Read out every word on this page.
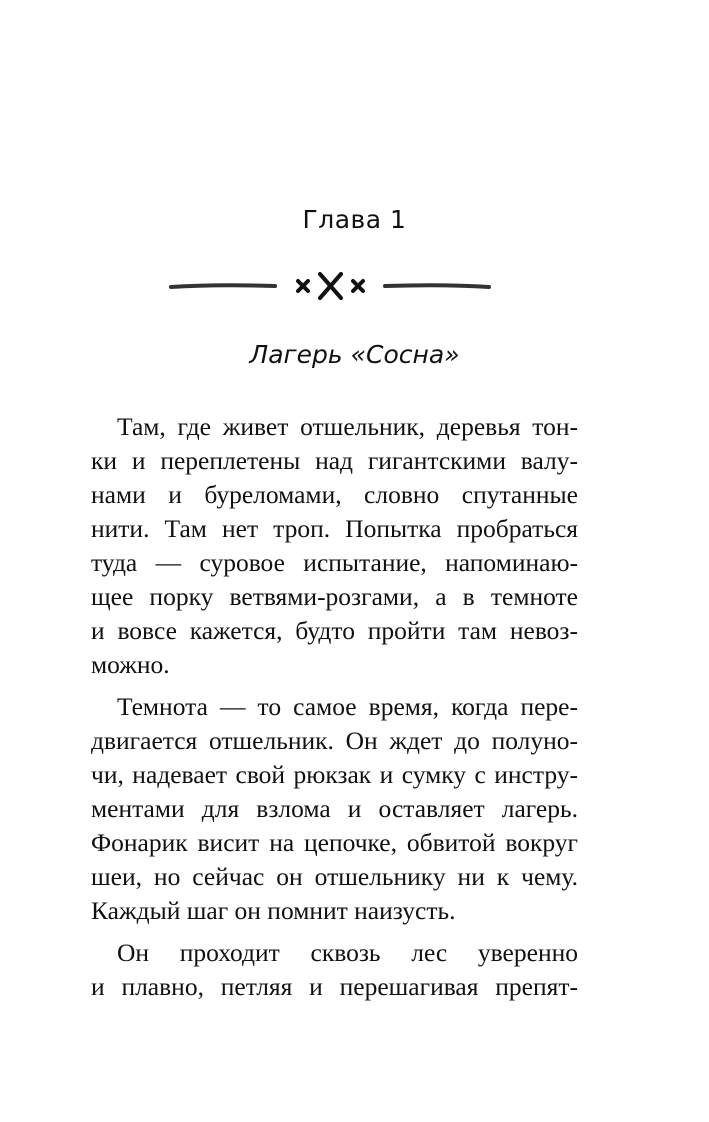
Глава 1
Лагерь «Сосна»
Там, где живет отшельник, деревья тон-
ки и переплетены над гигантскими валу-
нами и буреломами, словно спутанные
нити. Там нет троп. Попытка пробраться
туда — суровое испытание, напоминаю-
щее порку ветвями-розгами, а в темноте
и вовсе кажется, будто пройти там невоз-
можно.
Темнота — то самое время, когда пере-
двигается отшельник. Он ждет до полуно-
чи, надевает свой рюкзак и сумку с инстру-
ментами для взлома и оставляет лагерь.
Фонарик висит на цепочке, обвитой вокруг
шеи, но сейчас он отшельнику ни к чему.
Каждый шаг он помнит наизусть.
Он проходит сквозь лес уверенно
и плавно, петляя и перешагивая препят-
